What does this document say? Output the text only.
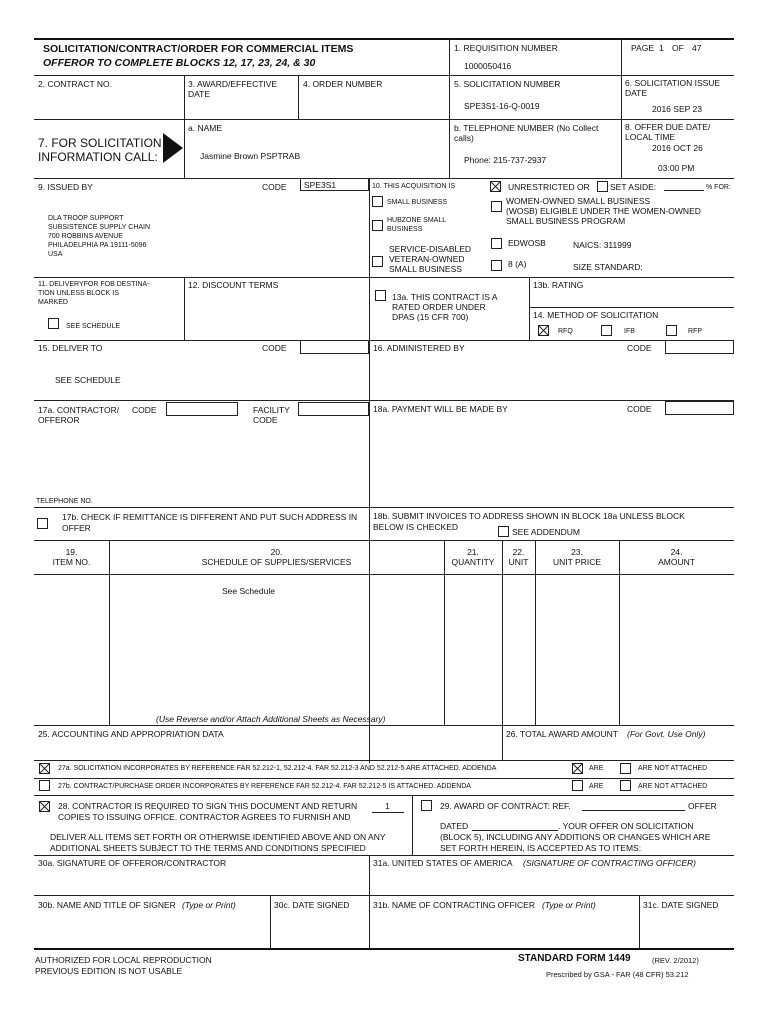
SOLICITATION/CONTRACT/ORDER FOR COMMERCIAL ITEMS
OFFEROR TO COMPLETE BLOCKS 12, 17, 23, 24, & 30
1. REQUISITION NUMBER
1000050416
PAGE 1 OF 47
2. CONTRACT NO.	3. AWARD/EFFECTIVE
DATE
4. ORDER NUMBER	5. SOLICITATION NUMBER
SPE3S1-16-Q-0019
6. SOLICITATION ISSUE
DATE
2016 SEP 23
7. FOR SOLICITATION
INFORMATION CALL:
a. NAME
Jasmine Brown PSPTRAB
b. TELEPHONE NUMBER (No Collect
calls)
Phone: 215-737-2937
8. OFFER DUE DATE/
LOCAL TIME
2016 OCT 26
03:00 PM
9. ISSUED BY	CODE SPE3S1
DLA TROOP SUPPORT
SUBSISTENCE SUPPLY CHAIN
700 ROBBINS AVENUE
PHILADELPHIA PA 19111-5096
USA
10. THIS ACQUISITION IS	UNRESTRICTED OR SET ASIDE:	% FOR:
SMALL BUSINESS
HUBZONE SMALL
BUSINESS
SERVICE-DISABLED
VETERAN-OWNED
SMALL BUSINESS
WOMEN-OWNED SMALL BUSINESS
(WOSB) ELIGIBLE UNDER THE WOMEN-OWNED
SMALL BUSINESS PROGRAM
EDWOSB	NAICS: 311999
8 (A)	SIZE STANDARD:
11. DELIVERYFOR FOB DESTINA-
TION UNLESS BLOCK IS
MARKED
SEE SCHEDULE
12. DISCOUNT TERMS
13a. THIS CONTRACT IS A
RATED ORDER UNDER
DPAS (15 CFR 700)
13b. RATING
14. METHOD OF SOLICITATION
RFQ	IFB	RFP
15. DELIVER TO	CODE
SEE SCHEDULE
16. ADMINISTERED BY	CODE
17a. CONTRACTOR/
OFFEROR
CODE	FACILITY
CODE
18a. PAYMENT WILL BE MADE BY	CODE
TELEPHONE NO.
17b. CHECK IF REMITTANCE IS DIFFERENT AND PUT SUCH ADDRESS IN
OFFER
18b. SUBMIT INVOICES TO ADDRESS SHOWN IN BLOCK 18a UNLESS BLOCK
BELOW IS CHECKED	SEE ADDENDUM
19.
ITEM NO.
20.
SCHEDULE OF SUPPLIES/SERVICES
21.
QUANTITY
22.
UNIT
23.
UNIT PRICE
24.
AMOUNT
See Schedule
(Use Reverse and/or Attach Additional Sheets as Necessary)
25. ACCOUNTING AND APPROPRIATION DATA	26. TOTAL AWARD AMOUNT (For Govt. Use Only)
27a. SOLICITATION INCORPORATES BY REFERENCE FAR 52.212-1, 52.212-4. FAR 52.212-3 AND 52.212-5 ARE ATTACHED. ADDENDA	ARE	ARE NOT ATTACHED
27b. CONTRACT/PURCHASE ORDER INCORPORATES BY REFERENCE FAR 52.212-4. FAR 52.212-5 IS ATTACHED. ADDENDA	ARE	ARE NOT ATTACHED
28. CONTRACTOR IS REQUIRED TO SIGN THIS DOCUMENT AND RETURN
COPIES TO ISSUING OFFICE. CONTRACTOR AGREES TO FURNISH AND
1
DELIVER ALL ITEMS SET FORTH OR OTHERWISE IDENTIFIED ABOVE AND ON ANY
ADDITIONAL SHEETS SUBJECT TO THE TERMS AND CONDITIONS SPECIFIED
29. AWARD OF CONTRACT: REF.	OFFER
DATED	. YOUR OFFER ON SOLICITATION
(BLOCK 5), INCLUDING ANY ADDITIONS OR CHANGES WHICH ARE
SET FORTH HEREIN, IS ACCEPTED AS TO ITEMS:
30a. SIGNATURE OF OFFEROR/CONTRACTOR	31a. UNITED STATES OF AMERICA (SIGNATURE OF CONTRACTING OFFICER)
30b. NAME AND TITLE OF SIGNER (Type or Print)	30c. DATE SIGNED	31b. NAME OF CONTRACTING OFFICER (Type or Print)	31c. DATE SIGNED
AUTHORIZED FOR LOCAL REPRODUCTION
PREVIOUS EDITION IS NOT USABLE
STANDARD FORM 1449	(REV. 2/2012)
Prescribed by GSA - FAR (48 CFR) 53.212
